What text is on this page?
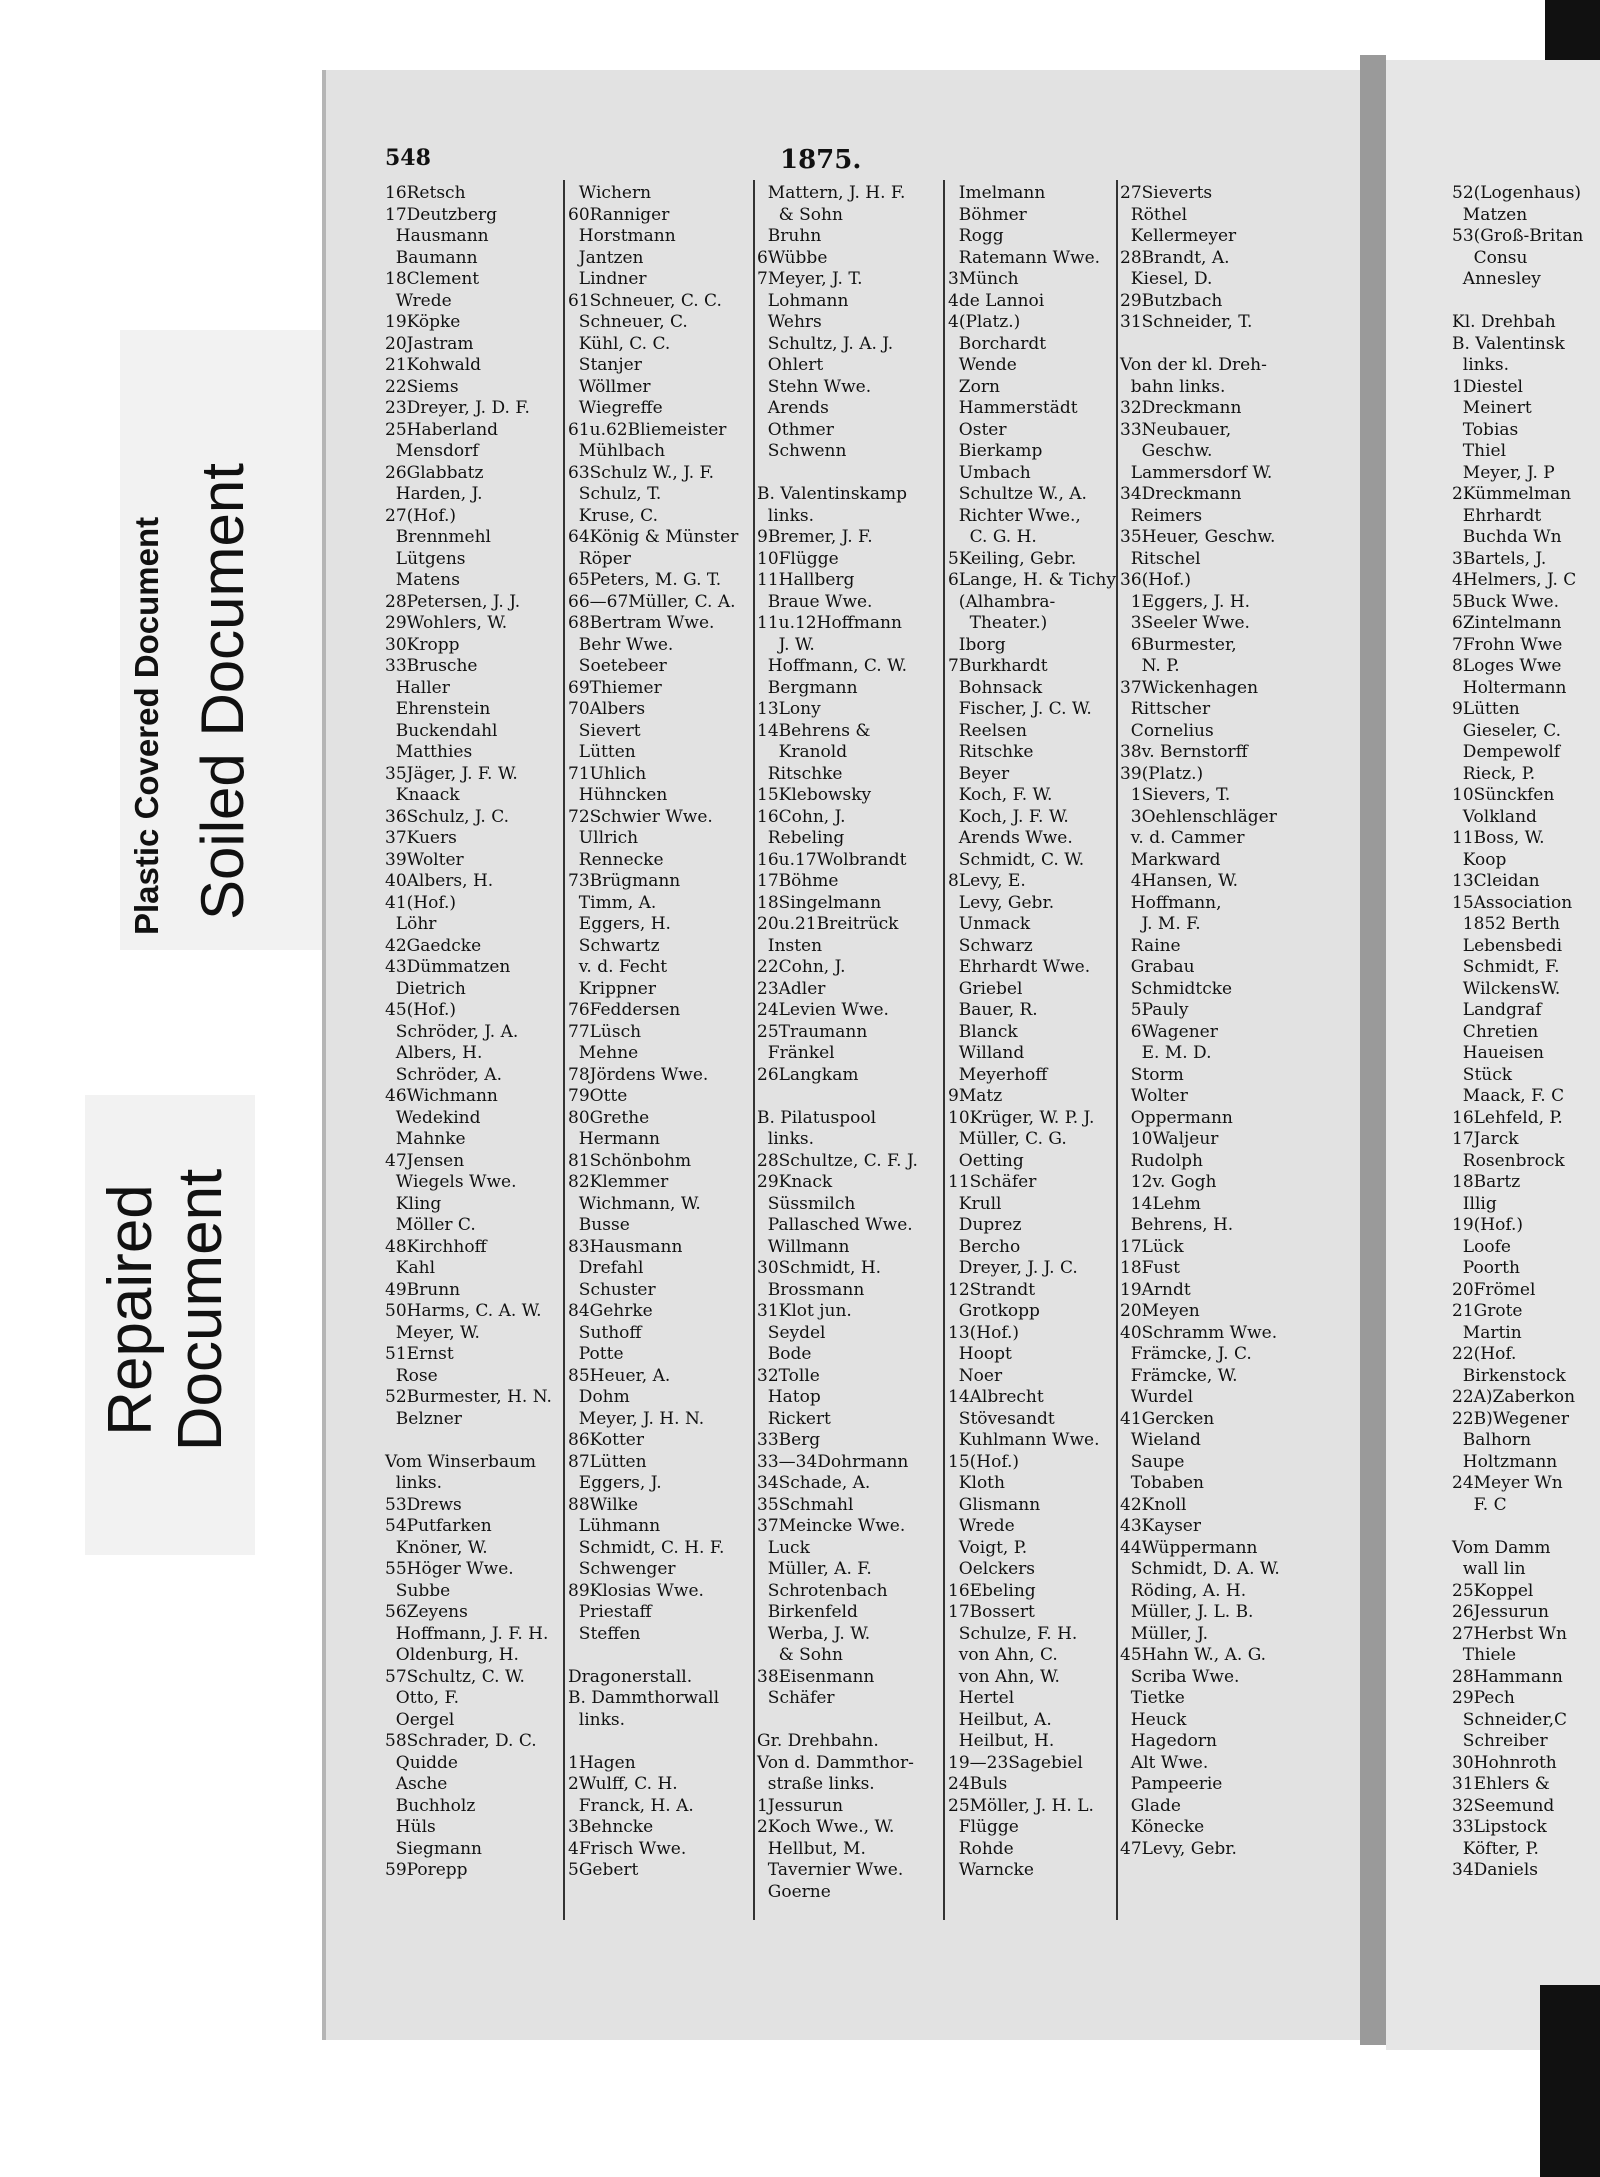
Plastic Covered Document Soiled Document
Repaired Document
548	1875.
16Retsch
17Deutzberg
Hausmann
Baumann
18Clement
Wrede
19Köpke
20Jastram
21Kohwald
22Siems
23Dreyer, J. D. F.
25Haberland
Mensdorf
26Glabbatz
Harden, J.
27(Hof.)
Brennmehl
Lütgens
Matens
28Petersen, J. J.
29Wohlers, W.
30Kropp
33Brusche
Haller
Ehrenstein
Buckendahl
Matthies
35Jäger, J. F. W.
Knaack
36Schulz, J. C.
37Kuers
39Wolter
40Albers, H.
41(Hof.)
Löhr
42Gaedcke
43Dümmatzen
Dietrich
45(Hof.)
Schröder, J. A.
Albers, H.
Schröder, A.
46Wichmann
Wedekind
Mahnke
47Jensen
Wiegels Wwe.
Kling
Möller C.
48Kirchhoff
Kahl
49Brunn
50Harms, C. A. W.
Meyer, W.
51Ernst
Rose
52Burmester, H. N.
Belzner
Vom Winserbaum
links.
53Drews
54Putfarken
Knöner, W.
55Höger Wwe.
Subbe
56Zeyens
Hoffmann, J. F. H.
Oldenburg, H.
57Schultz, C. W.
Otto, F.
Oergel
58Schrader, D. C.
Quidde
Asche
Buchholz
Hüls
Siegmann
59Porepp
Wichern
60Ranniger
Horstmann
Jantzen
Lindner
61Schneuer, C. C.
Schneuer, C.
Kühl, C. C.
Stanjer
Wöllmer
Wiegreffe
61u.62Bliemeister
Mühlbach
63Schulz W., J. F.
Schulz, T.
Kruse, C.
64König & Münster
Röper
65Peters, M. G. T.
66—67Müller, C. A.
68Bertram Wwe.
Behr Wwe.
Soetebeer
69Thiemer
70Albers
Sievert
Lütten
71Uhlich
Hühncken
72Schwier Wwe.
Ullrich
Rennecke
73Brügmann
Timm, A.
Eggers, H.
Schwartz
v. d. Fecht
Krippner
76Feddersen
77Lüsch
Mehne
78Jördens Wwe.
79Otte
80Grethe
Hermann
81Schönbohm
82Klemmer
Wichmann, W.
Busse
83Hausmann
Drefahl
Schuster
84Gehrke
Suthoff
Potte
85Heuer, A.
Dohm
Meyer, J. H. N.
86Kotter
87Lütten
Eggers, J.
88Wilke
Lühmann
Schmidt, C. H. F.
Schwenger
89Klosias Wwe.
Priestaff
Steffen
Dragonerstall.
B. Dammthorwall
links.
1Hagen
2Wulff, C. H.
Franck, H. A.
3Behncke
4Frisch Wwe.
5Gebert
Mattern, J. H. F.
& Sohn
Bruhn
6Wübbe
7Meyer, J. T.
Lohmann
Wehrs
Schultz, J. A. J.
Ohlert
Stehn Wwe.
Arends
Othmer
Schwenn
B. Valentinskamp
links.
9Bremer, J. F.
10Flügge
11Hallberg
Braue Wwe.
11u.12Hoffmann
J. W.
Hoffmann, C. W.
Bergmann
13Lony
14Behrens &
Kranold
Ritschke
15Klebowsky
16Cohn, J.
Rebeling
16u.17Wolbrandt
17Böhme
18Singelmann
20u.21Breitrück
Insten
22Cohn, J.
23Adler
24Levien Wwe.
25Traumann
Fränkel
26Langkam
B. Pilatuspool
links.
28Schultze, C. F. J.
29Knack
Süssmilch
Pallasched Wwe.
Willmann
30Schmidt, H.
Brossmann
31Klot jun.
Seydel
Bode
32Tolle
Hatop
Rickert
33Berg
33—34Dohrmann
34Schade, A.
35Schmahl
37Meincke Wwe.
Luck
Müller, A. F.
Schrotenbach
Birkenfeld
Werba, J. W.
& Sohn
38Eisenmann
Schäfer
Gr. Drehbahn.
Von d. Dammthor-
straße links.
1Jessurun
2Koch Wwe., W.
Hellbut, M.
Tavernier Wwe.
Goerne
Imelmann
Böhmer
Rogg
Ratemann Wwe.
3Münch
4de Lannoi
4(Platz.)
Borchardt
Wende
Zorn
Hammerstädt
Oster
Bierkamp
Umbach
Schultze W., A.
Richter Wwe.,
C. G. H.
5Keiling, Gebr.
6Lange, H. & Tichy
(Alhambra-
Theater.)
Iborg
7Burkhardt
Bohnsack
Fischer, J. C. W.
Reelsen
Ritschke
Beyer
Koch, F. W.
Koch, J. F. W.
Arends Wwe.
Schmidt, C. W.
8Levy, E.
Levy, Gebr.
Unmack
Schwarz
Ehrhardt Wwe.
Griebel
Bauer, R.
Blanck
Willand
Meyerhoff
9Matz
10Krüger, W. P. J.
Müller, C. G.
Oetting
11Schäfer
Krull
Duprez
Bercho
Dreyer, J. J. C.
12Strandt
Grotkopp
13(Hof.)
Hoopt
Noer
14Albrecht
Stövesandt
Kuhlmann Wwe.
15(Hof.)
Kloth
Glismann
Wrede
Voigt, P.
Oelckers
16Ebeling
17Bossert
Schulze, F. H.
von Ahn, C.
von Ahn, W.
Hertel
Heilbut, A.
Heilbut, H.
19—23Sagebiel
24Buls
25Möller, J. H. L.
Flügge
Rohde
Warncke
27Sieverts
Röthel
Kellermeyer
28Brandt, A.
Kiesel, D.
29Butzbach
31Schneider, T.
Von der kl. Dreh-
bahn links.
32Dreckmann
33Neubauer,
Geschw.
Lammersdorf W.
34Dreckmann
Reimers
35Heuer, Geschw.
Ritschel
36(Hof.)
1Eggers, J. H.
3Seeler Wwe.
6Burmester,
N. P.
37Wickenhagen
Rittscher
Cornelius
38v. Bernstorff
39(Platz.)
1Sievers, T.
3Oehlenschläger
v. d. Cammer
Markward
4Hansen, W.
Hoffmann,
J. M. F.
Raine
Grabau
Schmidtcke
5Pauly
6Wagener
E. M. D.
Storm
Wolter
Oppermann
10Waljeur
Rudolph
12v. Gogh
14Lehm
Behrens, H.
17Lück
18Fust
19Arndt
20Meyen
40Schramm Wwe.
Främcke, J. C.
Främcke, W.
Wurdel
41Gercken
Wieland
Saupe
Tobaben
42Knoll
43Kayser
44Wüppermann
Schmidt, D. A. W.
Röding, A. H.
Müller, J. L. B.
Müller, J.
45Hahn W., A. G.
Scriba Wwe.
Tietke
Heuck
Hagedorn
Alt Wwe.
Pampeerie
Glade
Könecke
47Levy, Gebr.
52(Logenhaus)
Matzen
53(Groß-Britan
Consu
Annesley
Kl. Drehbah
B. Valentinsk
links.
1Diestel
Meinert
Tobias
Thiel
Meyer, J. P
2Kümmelman
Ehrhardt
Buchda Wn
3Bartels, J.
4Helmers, J. C
5Buck Wwe.
6Zintelmann
7Frohn Wwe
8Loges Wwe
Holtermann
9Lütten
Gieseler, C.
Dempewolf
Rieck, P.
10Sünckfen
Volkland
11Boss, W.
Koop
13Cleidan
15Association
1852 Berth
Lebensbedi
Schmidt, F.
WilckensW.
Landgraf
Chretien
Haueisen
Stück
Maack, F. C
16Lehfeld, P.
17Jarck
Rosenbrock
18Bartz
Illig
19(Hof.)
Loofe
Poorth
20Frömel
21Grote
Martin
22(Hof.
Birkenstock
22A)Zaberkon
22B)Wegener
Balhorn
Holtzmann
24Meyer Wn
F. C
Vom Damm
wall lin
25Koppel
26Jessurun
27Herbst Wn
Thiele
28Hammann
29Pech
Schneider,C
Schreiber
30Hohnroth
31Ehlers &
32Seemund
33Lipstock
Köfter, P.
34Daniels
